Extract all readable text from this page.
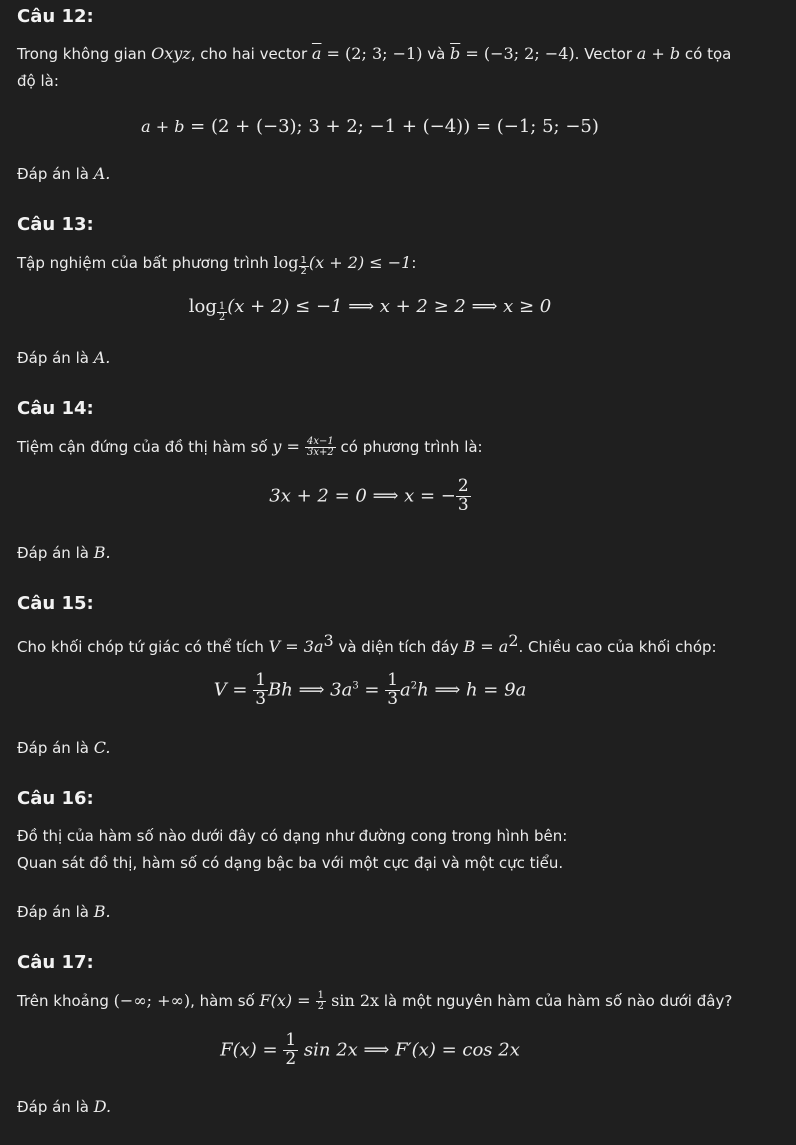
Câu 12:
Trong không gian Oxyz, cho hai vector $\overline{a} = (2$; 3; −1) và $\overline{b} = (-3$; 2; −4). Vector a + b có tọa
độ là:
a + b = (2 + (−3); 3 + 2; −1 + (−4)) = (−1; 5; −5)
Đáp án là A.
Câu 13:
Tập nghiệm của bất phương trình $\log \frac{1}{2} (x + 2) \le -1$:
$\log \frac{1}{2} (x + 2) \le -1$ ⟹ x + 2 ≥ 2 ⟹ x ≥ 0
Đáp án là A.
Câu 14:
Tiệm cận đứng của đồ thị hàm số $y = \frac{4x-1}{3x+2}$ có phương trình là:
3x + 2 = 0 ⟹ x = − $\frac{2}{3}$
Đáp án là B.
Câu 15:
Cho khối chóp tứ giác có thể tích $V = 3a^3$ và diện tích đáy $B = a^2$. Chiều cao của khối chóp:
$V = \frac{1}{3}$ Bh ⟹ $3a^3 = \frac{1}{3} a^2h$ ⟹ h = 9a
Đáp án là C.
Câu 16:
Đồ thị của hàm số nào dưới đây có dạng như đường cong trong hình bên:
Quan sát đồ thị, hàm số có dạng bậc ba với một cực đại và một cực tiểu.
Đáp án là B.
Câu 17:
Trên khoảng (−∞; +∞), hàm số $F(x) = \frac{1}{2}$ sin 2x là một nguyên hàm của hàm số nào dưới đây?
$F(x) = \frac{1}{2}$ sin 2x ⟹ F′(x) = cos 2x
Đáp án là D.
